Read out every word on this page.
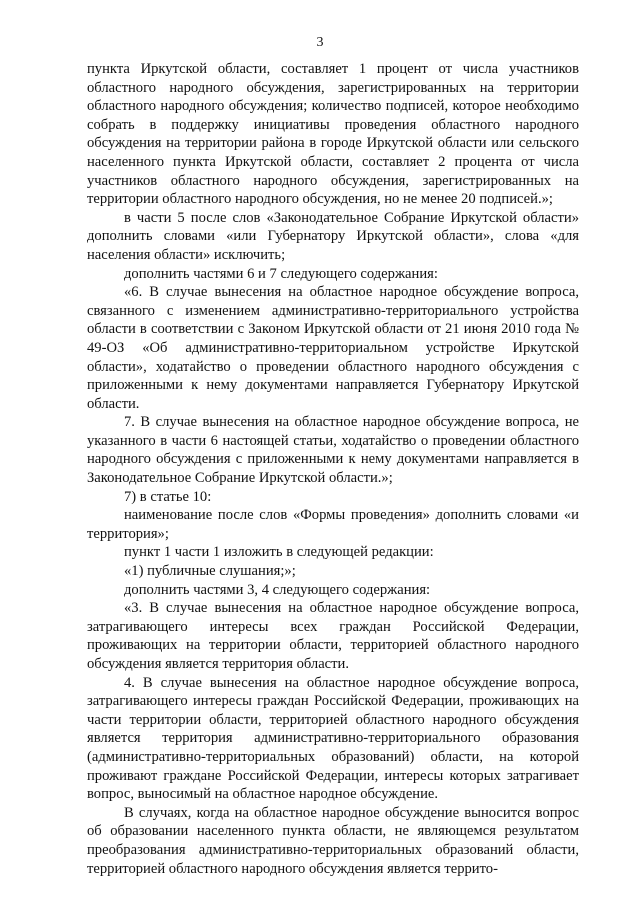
3

пункта Иркутской области, составляет 1 процент от числа участников областного народного обсуждения, зарегистрированных на территории областного народного обсуждения; количество подписей, которое необходимо собрать в поддержку инициативы проведения областного народного обсуждения на территории района в городе Иркутской области или сельского населенного пункта Иркутской области, составляет 2 процента от числа участников областного народного обсуждения, зарегистрированных на территории областного народного обсуждения, но не менее 20 подписей.»;

в части 5 после слов «Законодательное Собрание Иркутской области» дополнить словами «или Губернатору Иркутской области», слова «для населения области» исключить;

дополнить частями 6 и 7 следующего содержания:

«6. В случае вынесения на областное народное обсуждение вопроса, связанного с изменением административно-территориального устройства области в соответствии с Законом Иркутской области от 21 июня 2010 года № 49-ОЗ «Об административно-территориальном устройстве Иркутской области», ходатайство о проведении областного народного обсуждения с приложенными к нему документами направляется Губернатору Иркутской области.

7. В случае вынесения на областное народное обсуждение вопроса, не указанного в части 6 настоящей статьи, ходатайство о проведении областного народного обсуждения с приложенными к нему документами направляется в Законодательное Собрание Иркутской области.»;

7) в статье 10:

наименование после слов «Формы проведения» дополнить словами «и территория»;

пункт 1 части 1 изложить в следующей редакции:

«1) публичные слушания;»;

дополнить частями 3, 4 следующего содержания:

«3. В случае вынесения на областное народное обсуждение вопроса, затрагивающего интересы всех граждан Российской Федерации, проживающих на территории области, территорией областного народного обсуждения является территория области.

4. В случае вынесения на областное народное обсуждение вопроса, затрагивающего интересы граждан Российской Федерации, проживающих на части территории области, территорией областного народного обсуждения является территория административно-территориального образования (административно-территориальных образований) области, на которой проживают граждане Российской Федерации, интересы которых затрагивает вопрос, выносимый на областное народное обсуждение.

В случаях, когда на областное народное обсуждение выносится вопрос об образовании населенного пункта области, не являющемся результатом преобразования административно-территориальных образований области, территорией областного народного обсуждения является террито-
